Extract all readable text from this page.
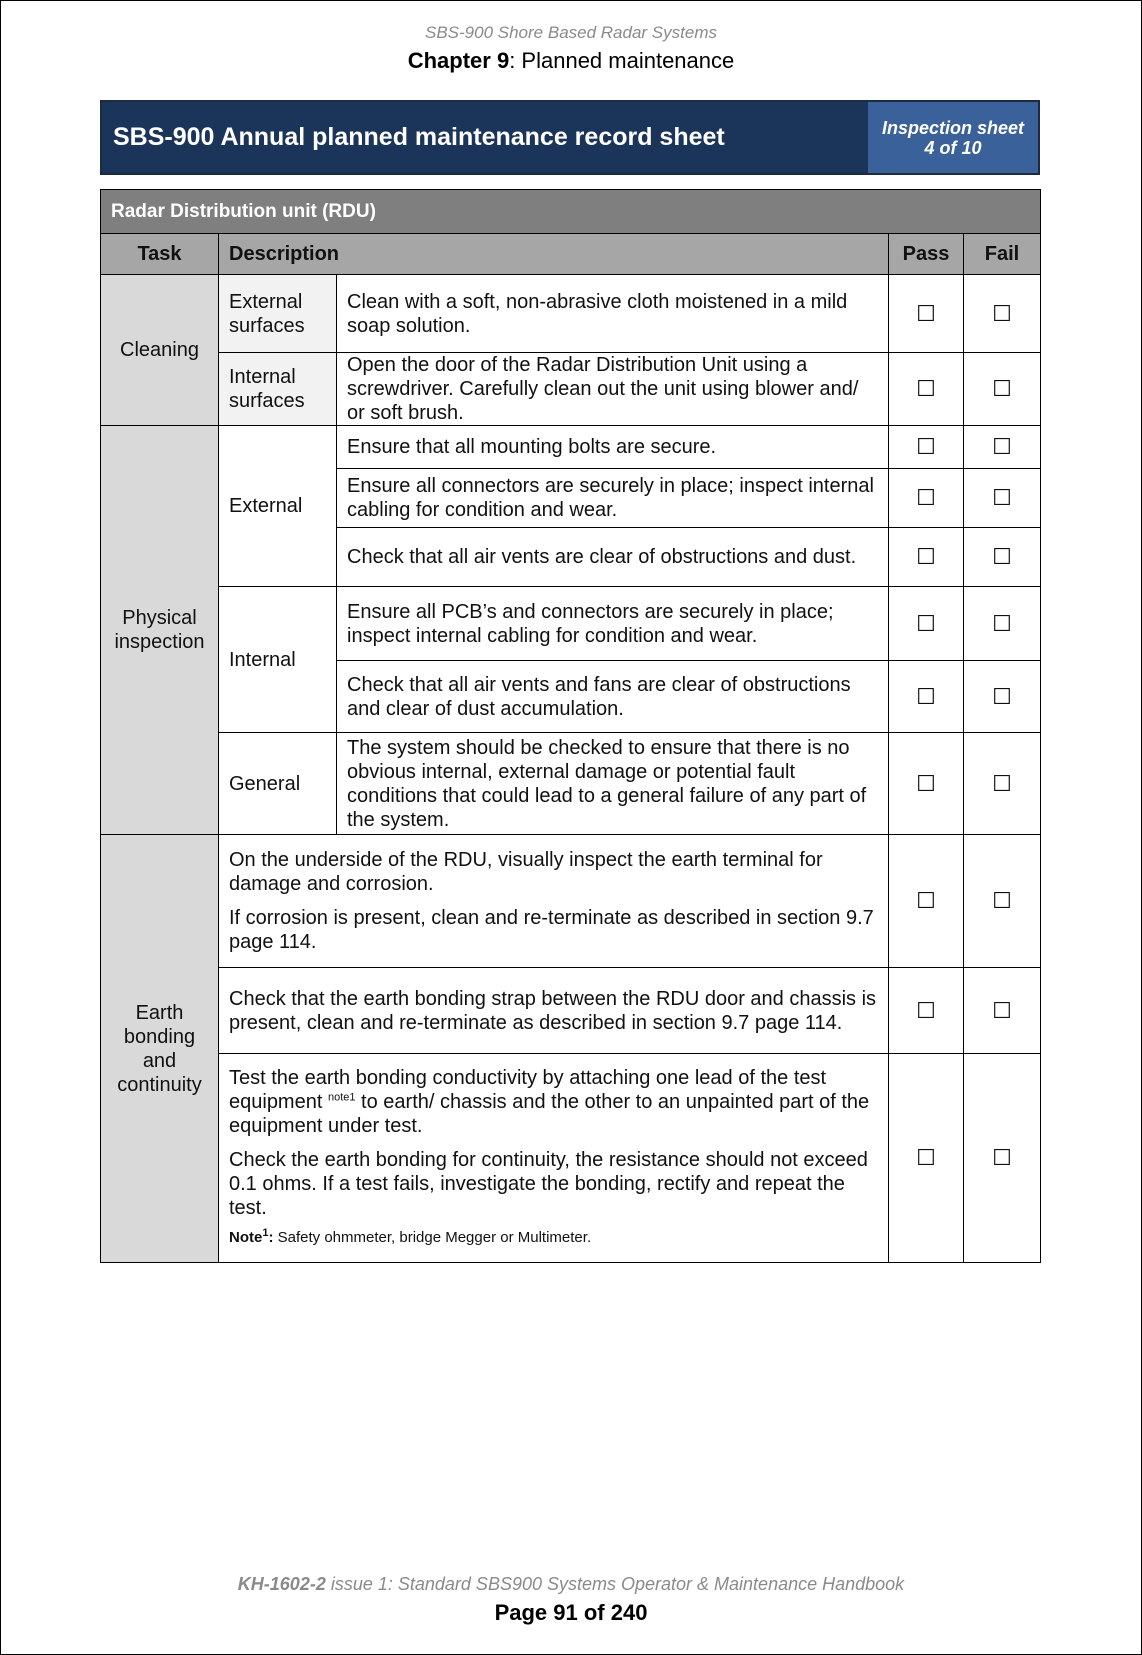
SBS-900 Shore Based Radar Systems
Chapter 9: Planned maintenance
SBS-900 Annual planned maintenance record sheet	Inspection sheet
4 of 10
Radar Distribution unit (RDU)				
Task	Description		Pass	Fail
Cleaning	External surfaces	Clean with a soft, non-abrasive cloth moistened in a mild soap solution.	☐	☐
	Internal surfaces	Open the door of the Radar Distribution Unit using a screwdriver. Carefully clean out the unit using blower and/ or soft brush.	☐	☐
Physical inspection	External	Ensure that all mounting bolts are secure.	☐	☐
		Ensure all connectors are securely in place; inspect internal cabling for condition and wear.	☐	☐
		Check that all air vents are clear of obstructions and dust.	☐	☐
	Internal	Ensure all PCB’s and connectors are securely in place; inspect internal cabling for condition and wear.	☐	☐
		Check that all air vents and fans are clear of obstructions and clear of dust accumulation.	☐	☐
	General	The system should be checked to ensure that there is no obvious internal, external damage or potential fault conditions that could lead to a general failure of any part of the system.	☐	☐
Earth bonding and continuity	On the underside of the RDU, visually inspect the earth terminal for damage and corrosion.

If corrosion is present, clean and re-terminate as described in section 9.7 page 114.		☐	☐
	Check that the earth bonding strap between the RDU door and chassis is present, clean and re-terminate as described in section 9.7 page 114.		☐	☐

	Test the earth bonding conductivity by attaching one lead of the test equipment $^{note1}$ to earth/ chassis and the other to an unpainted part of the equipment under test.

Check the earth bonding for continuity, the resistance should not exceed 0.1 ohms. If a test fails, investigate the bonding, rectify and repeat the test.

Note$^1$: Safety ohmmeter, bridge Megger or Multimeter.		☐	☐
KH-1602-2 issue 1: Standard SBS900 Systems Operator & Maintenance Handbook
Page 91 of 240
